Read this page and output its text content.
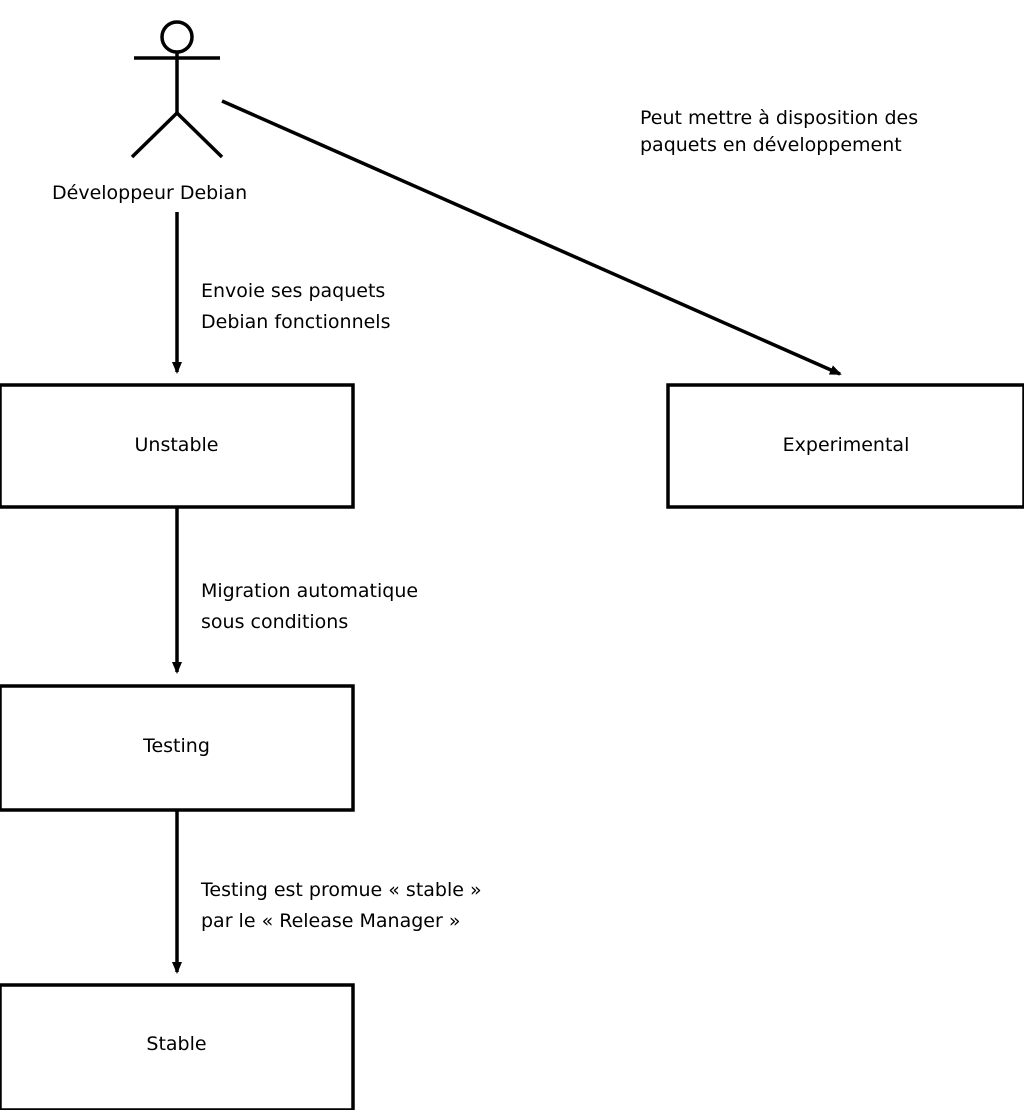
Développeur Debian
Peut mettre à disposition des
paquets en développement
Envoie ses paquets
Debian fonctionnels
Unstable	Experimental
Testing
Stable
Migration automatique
sous conditions
Testing est promue « stable »
par le « Release Manager »
